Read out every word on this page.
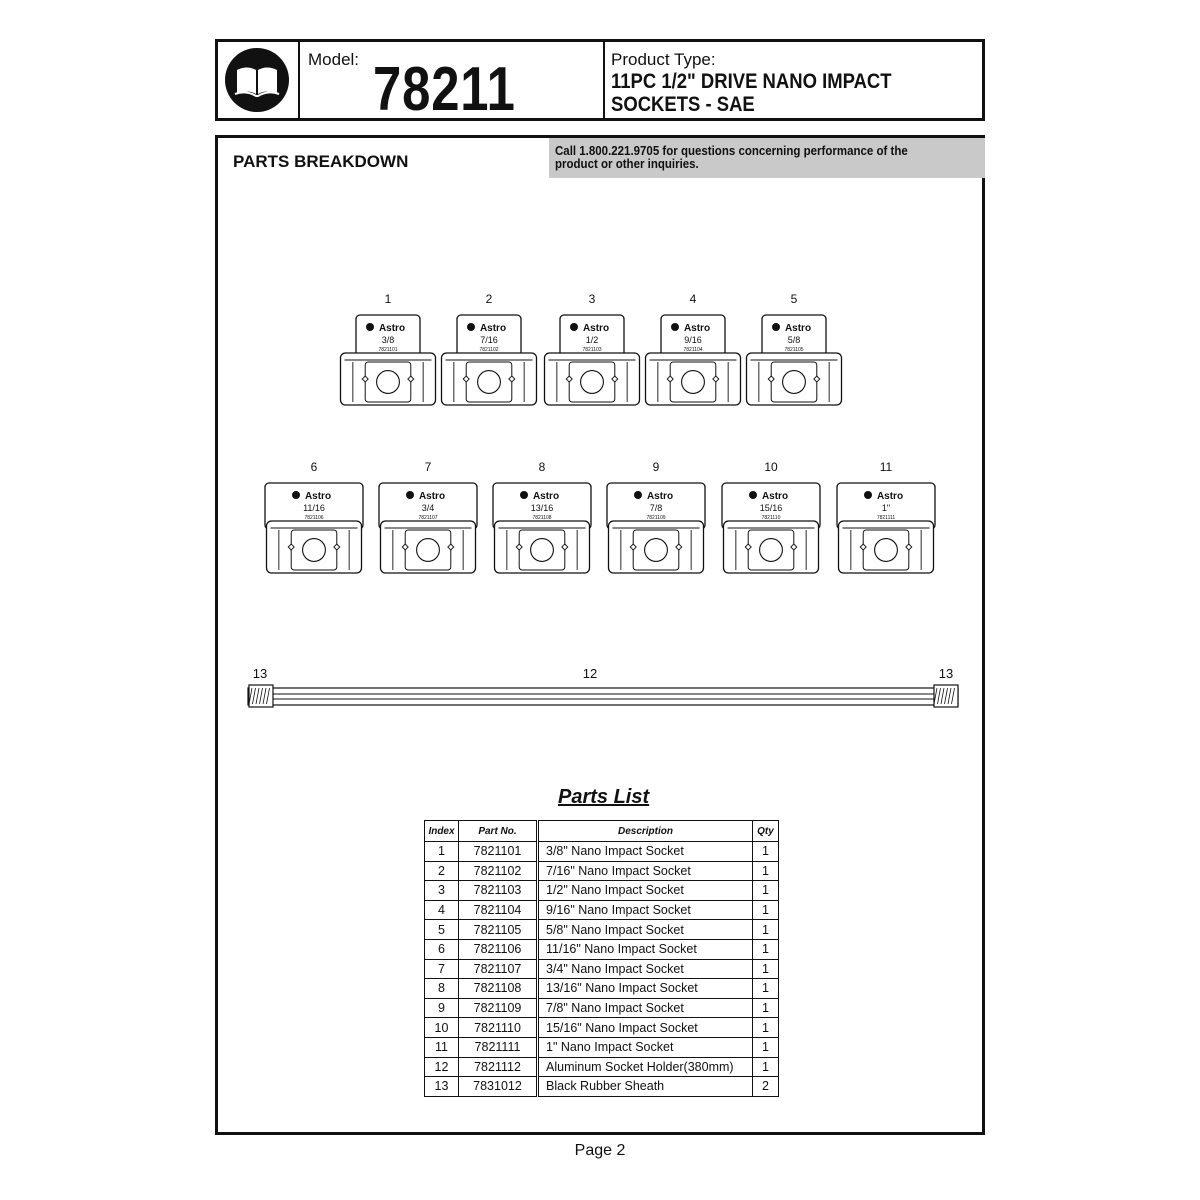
Model: 78211	Product Type:
11PC 1/2" DRIVE NANO IMPACT
SOCKETS - SAE
PARTS BREAKDOWN
Call 1.800.221.9705 for questions concerning performance of the product or other inquiries.
1
Astro
3/8
7821101
2
Astro
7/16
7821102
3
Astro
1/2
7821103
4
Astro
9/16
7821104
5
Astro
5/8
7821105
6
Astro
11/16
7821106
7
Astro
3/4
7821107
8
Astro
13/16
7821108
9
Astro
7/8
7821109
10
Astro
15/16
7821110
11
Astro
1"
7821111
13	12	13
Parts List
Index	Part No.	Description	Qty
1	7821101	3/8" Nano Impact Socket	1
2	7821102	7/16" Nano Impact Socket	1
3	7821103	1/2" Nano Impact Socket	1
4	7821104	9/16" Nano Impact Socket	1
5	7821105	5/8" Nano Impact Socket	1
6	7821106	11/16" Nano Impact Socket	1
7	7821107	3/4" Nano Impact Socket	1
8	7821108	13/16" Nano Impact Socket	1
9	7821109	7/8" Nano Impact Socket	1
10	7821110	15/16" Nano Impact Socket	1
11	7821111	1" Nano Impact Socket	1
12	7821112	Aluminum Socket Holder(380mm)	1
13	7831012	Black Rubber Sheath	2
Page 2
